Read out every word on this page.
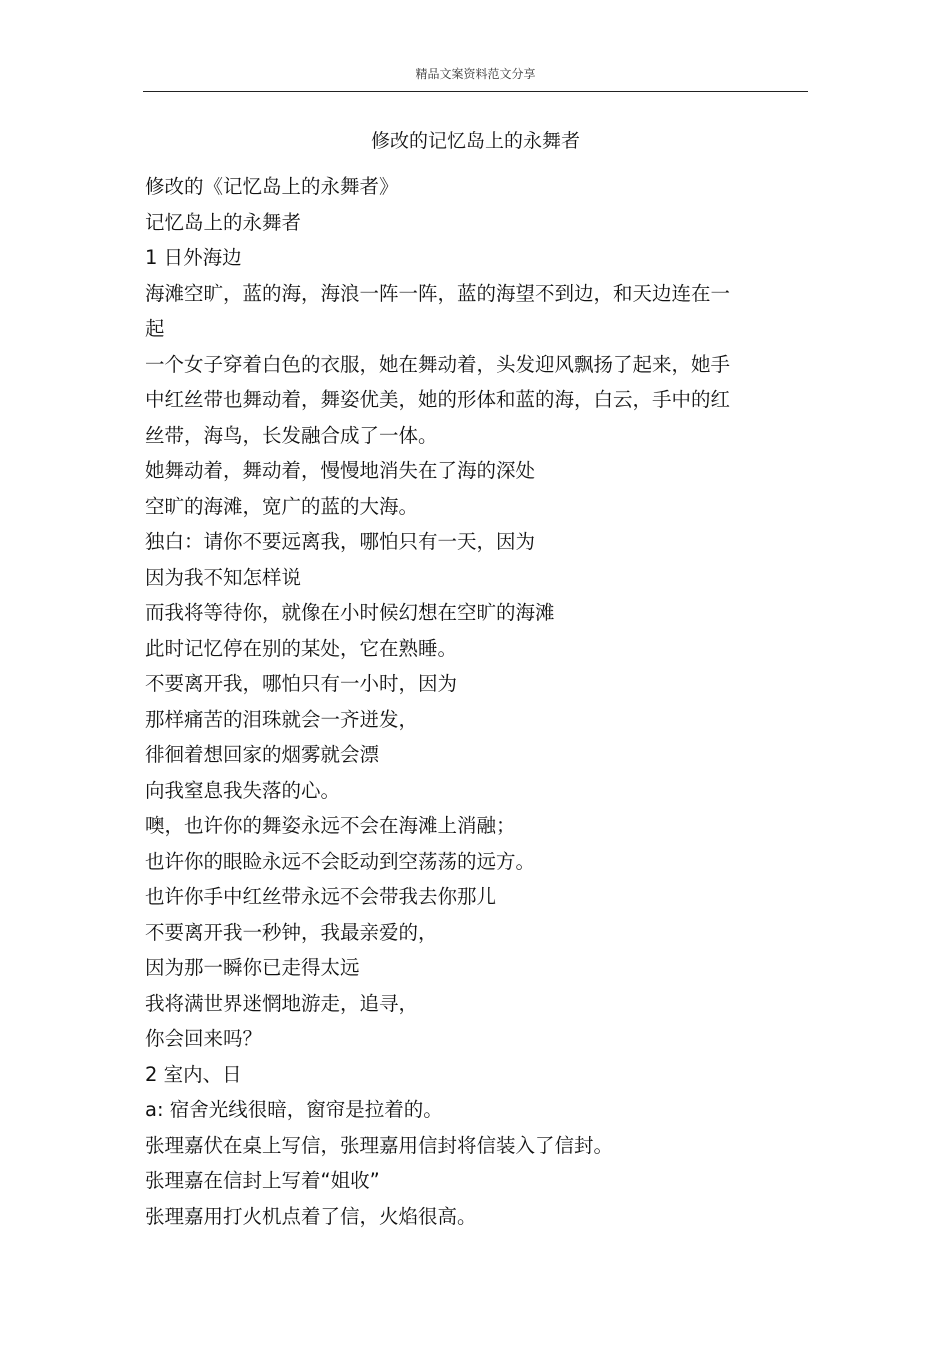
精品文案资料范文分享
修改的记忆岛上的永舞者
修改的《记忆岛上的永舞者》
记忆岛上的永舞者
1 日外海边
海滩空旷，蓝的海，海浪一阵一阵，蓝的海望不到边，和天边连在一
起
一个女子穿着白色的衣服，她在舞动着，头发迎风飘扬了起来，她手
中红丝带也舞动着，舞姿优美，她的形体和蓝的海，白云，手中的红
丝带，海鸟，长发融合成了一体。
她舞动着，舞动着，慢慢地消失在了海的深处
空旷的海滩，宽广的蓝的大海。
独白：请你不要远离我，哪怕只有一天，因为
因为我不知怎样说
而我将等待你，就像在小时候幻想在空旷的海滩
此时记忆停在别的某处，它在熟睡。
不要离开我，哪怕只有一小时，因为
那样痛苦的泪珠就会一齐迸发，
徘徊着想回家的烟雾就会漂
向我窒息我失落的心。
噢，也许你的舞姿永远不会在海滩上消融；
也许你的眼睑永远不会眨动到空荡荡的远方。
也许你手中红丝带永远不会带我去你那儿
不要离开我一秒钟，我最亲爱的，
因为那一瞬你已走得太远
我将满世界迷惘地游走，追寻，
你会回来吗？
2 室内、日
a: 宿舍光线很暗，窗帘是拉着的。
张理嘉伏在桌上写信，张理嘉用信封将信装入了信封。
张理嘉在信封上写着“姐收”
张理嘉用打火机点着了信，火焰很高。
